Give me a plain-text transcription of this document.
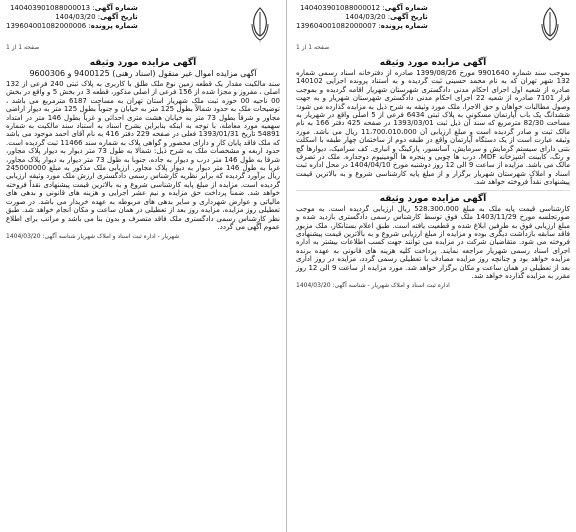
شماره آگهی: 140403901088000013
تاریخ آگهی: 1404/03/20
شماره پرونده: 139604001082000006
ا
صفحه 1 از 1
آگهی مزایده مورد وثیقه
آگهی مزایده اموال غیر منقول (اسناد رهنی) 9400125 و 9600306

سند مالکیت مقدار یک قطعه زمین نوع ملک طلق با کاربری به پلاک ثبتی 240 فرعی از 132 اصلی ، مفروز و مجزا شده از 156 فرعی از اصلی مذکور، قطعه 3 در بخش 5 و واقع در بخش 00 ناحیه 00 حوزه ثبت ملک شهریار استان تهران به مساحت 6187 مترمربع می باشد ، توضیحات ملک به حدود شمالاً بطول 125 متر به خیابان و جنوباً بطول 125 متر به دیوار اراضی مجاور و شرقاً بطول 73 متر به خیابان هشت متری احداثی و غرباً بطول 146 متر در امتداد سهمیه مورد معامله، با توجه به اینکه بنابراین بشرح اسناد به استناد سند مالکیت به شماره 54891 تاریخ 1393/01/31 فعلی در صفحه 229 دفتر 416 به نام آقای احمد موجود می باشد که ملک فاقد پایان کار و دارای محصور و گواهی پلاک به شماره سند 11466 ثبت گردیده است. حدود اربعه و مشخصات ملک به شرح ذیل: شمالا به طول 73 متر دیوار به دیوار پلاک مجاور، شرقا به طول 146 متر درب و دیوار به جاده، جنوبا به طول 73 متر دیوار به دیوار پلاک مجاور، غربا به طول 146 متر دیوار به دیوار پلاک مجاور. ارزیابی ملک مذکور به مبلغ 245000000 ریال برآورد گردیده که برابر نظریه کارشناس رسمی دادگستری ارزش ملک مورد وثیقه ارزیابی گردیده است. مزایده از مبلغ پایه کارشناسی شروع و به بالاترین قیمت پیشنهادی نقداً فروخته خواهد شد. ضمناً پرداخت حق مزایده و نیم عشر اجرایی و هزینه های قانونی و بدهی های مالیاتی و عوارض شهرداری و سایر بدهی های مربوطه به عهده خریدار می باشد. در صورت تعطیلی روز مزایده، مزایده روز بعد از تعطیلی در همان ساعت و مکان انجام خواهد شد. طبق نظر کارشناس رسمی دادگستری ملک فاقد متصرف و بدون بنا می باشد و مراتب برای اطلاع عموم آگهی می گردد.

شهریار - اداره ثبت اسناد و املاک شهریار شناسه آگهی: 1404/03/20
شماره آگهی: 140403901088000012
تاریخ آگهی: 1404/03/20
شماره پرونده: 139604001082000007
صفحه 1 از 1
آگهی مزایده مورد وثیقه

بموجب سند شماره 9901640 مورخ 1399/08/26 صادره از دفترخانه اسناد رسمی شماره 132 شهر تهران که به نام محمد حسینی ثبت گردیده و به استناد پرونده اجرایی 140102 صادره از شعبه اول اجرای احکام مدنی دادگستری شهرستان شهریار اقامه گردیده و بموجب قرار 7101 صادره از شعبه 22 اجرای احکام مدنی دادگستری شهرستان شهریار و به جهت وصول مطالبات خواهان و حق الاجرا، ملک مورد وثیقه به شرح ذیل به مزایده گذارده می شود: ششدانگ یک باب آپارتمان مسکونی به پلاک ثبتی 6434 فرعی از 5 اصلی واقع در شهریار به مساحت 82/30 مترمربع که سند آن ذیل ثبت 1393/03/01 در صفحه 425 دفتر 166 به نام مالک ثبت و صادر گردیده است و مبلغ ارزیابی آن 11،700،010،000 ریال می باشد. مورد وثیقه عبارت است از یک دستگاه آپارتمان واقع در طبقه دوم از ساختمان چهار طبقه با اسکلت بتنی دارای سیستم گرمایش و سرمایش، آسانسور، پارکینگ و انباری. کف سرامیک، دیوارها گچ و رنگ، کابینت آشپزخانه MDF، درب ها چوبی و پنجره ها آلومینیوم دوجداره. ملک در تصرف مالک می باشد. مزایده از ساعت 9 الی 12 روز دوشنبه مورخ 1404/04/10 در محل اداره ثبت اسناد و املاک شهرستان شهریار برگزار و از مبلغ پایه کارشناسی شروع و به بالاترین قیمت پیشنهادی نقداً فروخته خواهد شد.

آگهی مزایده مورد وثیقه

کارشناسی قیمت پایه ملک به مبلغ 528،300،000 ریال ارزیابی گردیده است. به موجب صورتجلسه مورخ 1403/11/29 ملک فوق توسط کارشناس رسمی دادگستری بازدید شده و مبلغ ارزیابی فوق به طرفین ابلاغ شده و قطعیت یافته است. طبق اعلام بستانکار، ملک مزبور فاقد سابقه بازداشت دیگری بوده و مزایده از مبلغ ارزیابی شروع و به بالاترین قیمت پیشنهادی فروخته می شود. متقاضیان شرکت در مزایده می توانند جهت کسب اطلاعات بیشتر به اداره اجرای اسناد رسمی شهریار مراجعه نمایند. پرداخت کلیه هزینه های قانونی به عهده برنده مزایده خواهد بود و چنانچه روز مزایده مصادف با تعطیلی رسمی گردد، مزایده در روز اداری بعد از تعطیلی در همان ساعت و مکان برگزار خواهد شد. مورد مزایده از ساعت 9 الی 12 روز مقرر به مزایده گذارده خواهد شد.

اداره ثبت اسناد و املاک شهریار - شناسه آگهی: 1404/03/20
